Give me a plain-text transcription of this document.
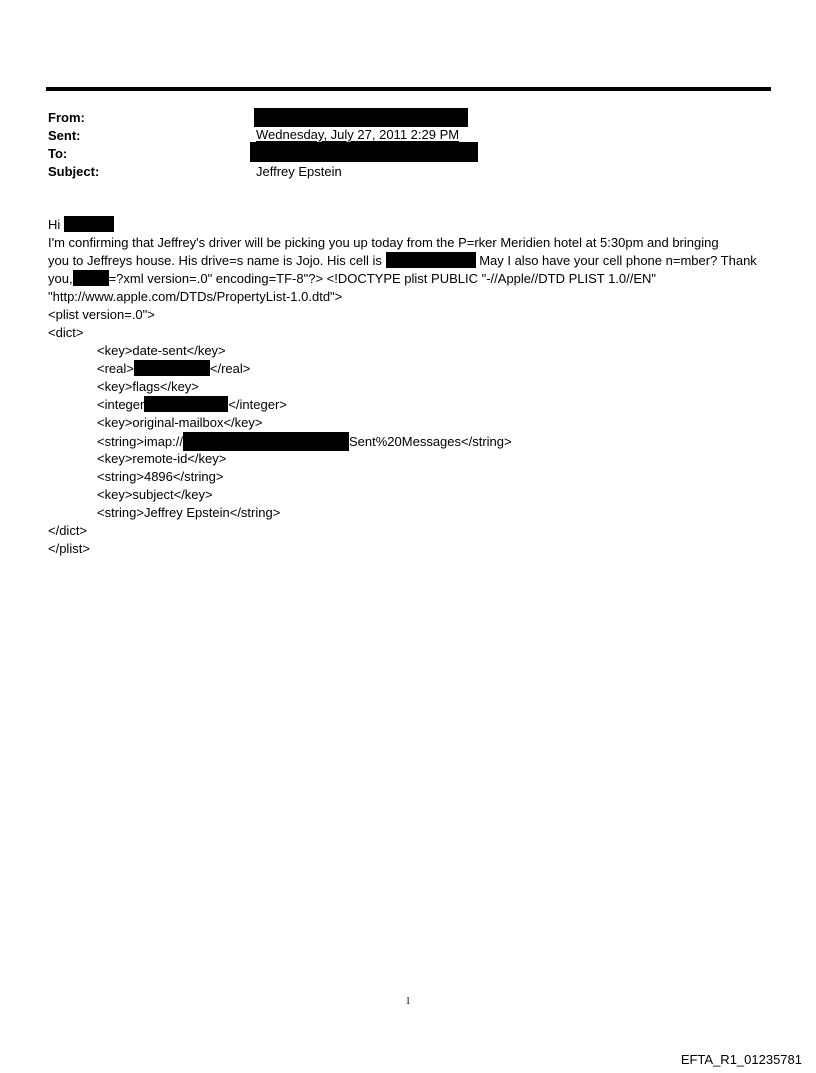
From:
Sent:	Wednesday, July 27, 2011 2:29 PM
To:
Subject:	Jeffrey Epstein
Hi
I'm confirming that Jeffrey's driver will be picking you up today from the P=rker Meridien hotel at 5:30pm and bringing
you to Jeffreys house. His drive=s name is Jojo. His cell is	May I also have your cell phone n=mber? Thank
you,	=?xml version=.0" encoding=TF-8"?> <!DOCTYPE plist PUBLIC "-//Apple//DTD PLIST 1.0//EN"
"http://www.apple.com/DTDs/PropertyList-1.0.dtd">
<plist version=.0">
<dict>
<key>date-sent</key>
<real>	</real>
<key>flags</key>
<integer	</integer>
<key>original-mailbox</key>
<string>imap://	Sent%20Messages</string>
<key>remote-id</key>
<string>4896</string>
<key>subject</key>
<string>Jeffrey Epstein</string>
</dict>
</plist>
1
EFTA_R1_01235781
